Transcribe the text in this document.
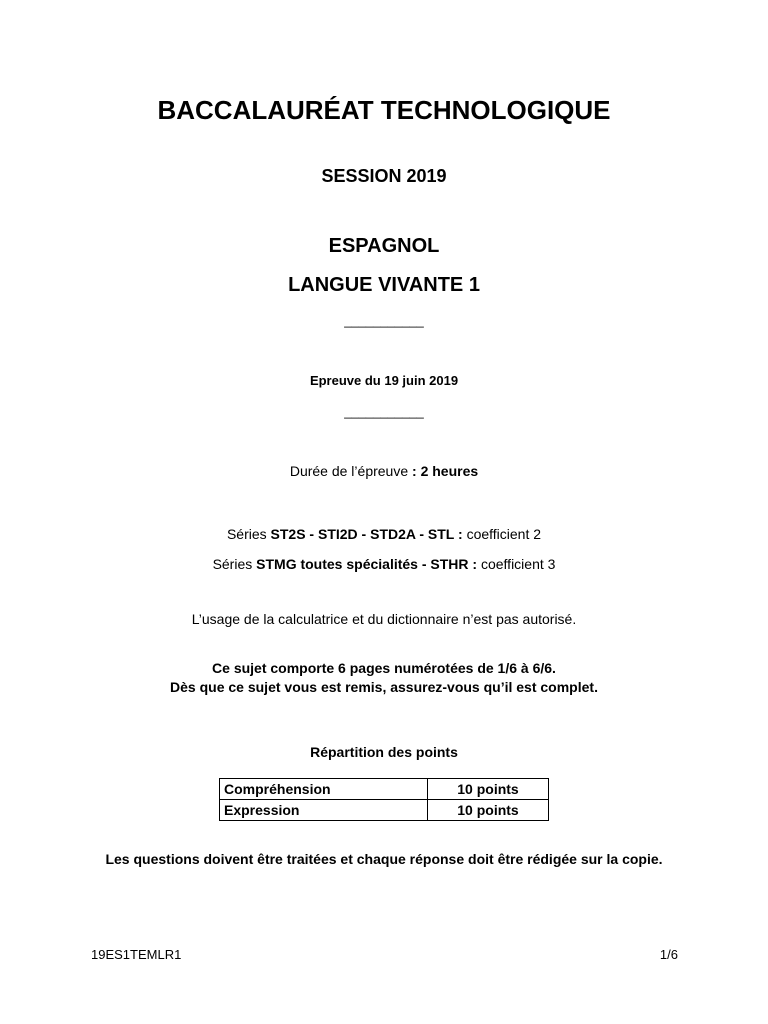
BACCALAURÉAT TECHNOLOGIQUE
SESSION 2019
ESPAGNOL
LANGUE VIVANTE 1
___________
Epreuve du 19 juin 2019
___________
Durée de l’épreuve : 2 heures
Séries ST2S - STI2D - STD2A - STL : coefficient 2
Séries STMG toutes spécialités - STHR : coefficient 3
L’usage de la calculatrice et du dictionnaire n’est pas autorisé.
Ce sujet comporte 6 pages numérotées de 1/6 à 6/6.
Dès que ce sujet vous est remis, assurez-vous qu’il est complet.
Répartition des points
Compréhension	10 points
Expression	10 points
Les questions doivent être traitées et chaque réponse doit être rédigée sur la copie.
19ES1TEMLR1	1/6
